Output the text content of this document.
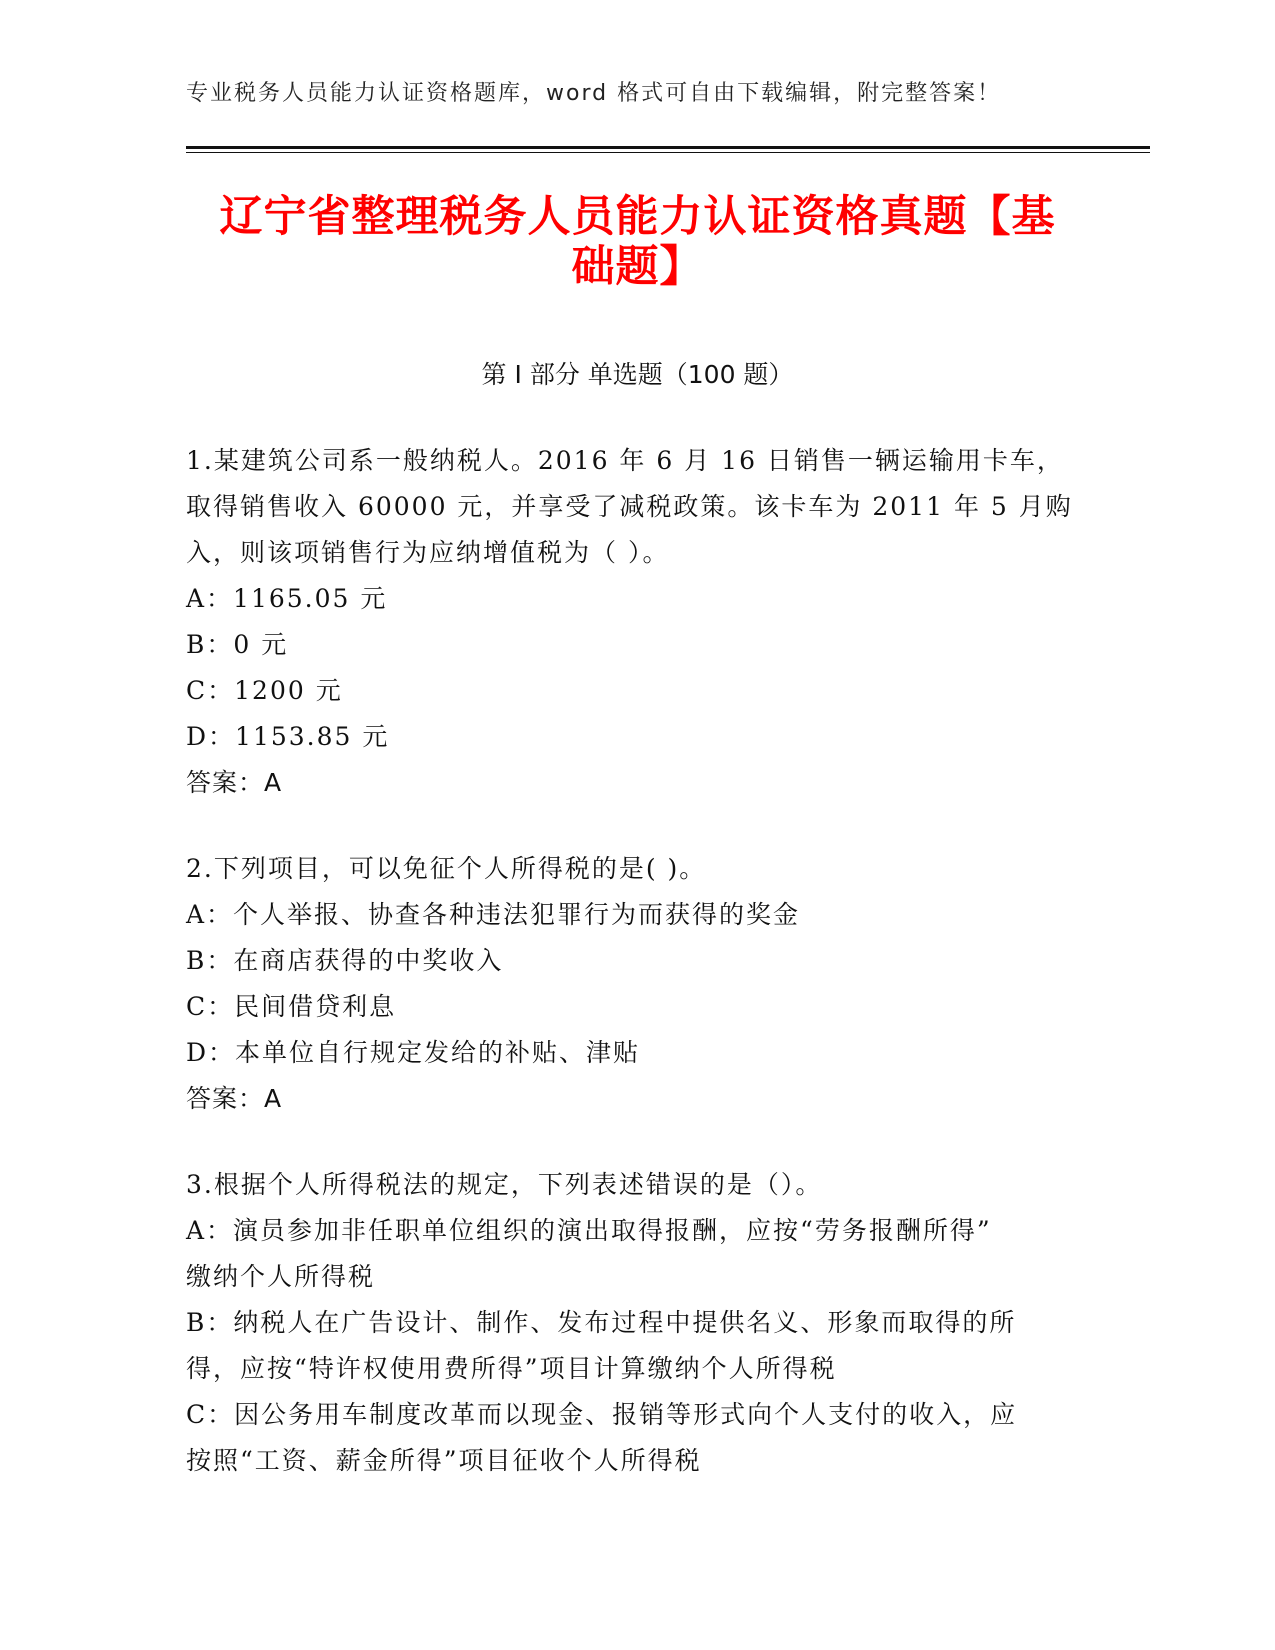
专业税务人员能力认证资格题库，word 格式可自由下载编辑，附完整答案！
辽宁省整理税务人员能力认证资格真题【基
础题】
第 I 部分 单选题（100 题）
1.某建筑公司系一般纳税人。2016 年 6 月 16 日销售一辆运输用卡车，
取得销售收入 60000 元，并享受了减税政策。该卡车为 2011 年 5 月购
入，则该项销售行为应纳增值税为（ ）。
A：1165.05 元
B：0 元
C：1200 元
D：1153.85 元
答案：A
2.下列项目，可以免征个人所得税的是( )。
A：个人举报、协查各种违法犯罪行为而获得的奖金
B：在商店获得的中奖收入
C：民间借贷利息
D：本单位自行规定发给的补贴、津贴
答案：A
3.根据个人所得税法的规定，下列表述错误的是（）。
A：演员参加非任职单位组织的演出取得报酬，应按“劳务报酬所得”
缴纳个人所得税
B：纳税人在广告设计、制作、发布过程中提供名义、形象而取得的所
得，应按“特许权使用费所得”项目计算缴纳个人所得税
C：因公务用车制度改革而以现金、报销等形式向个人支付的收入，应
按照“工资、薪金所得”项目征收个人所得税
